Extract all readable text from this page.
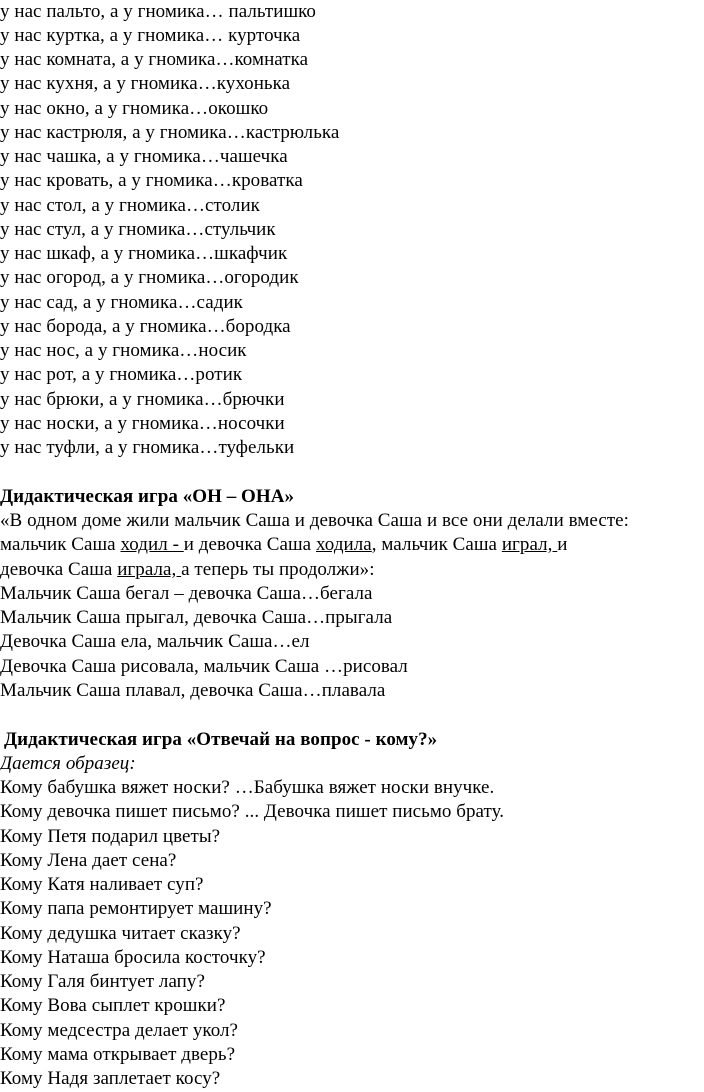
у нас пальто, а у гномика… пальтишко
у нас куртка, а у гномика… курточка
у нас комната, а у гномика…комнатка
у нас кухня, а у гномика…кухонька
у нас окно, а у гномика…окошко
у нас кастрюля, а у гномика…кастрюлька
у нас чашка, а у гномика…чашечка
у нас кровать, а у гномика…кроватка
у нас стол, а у гномика…столик
у нас стул, а у гномика…стульчик
у нас шкаф, а у гномика…шкафчик
у нас огород, а у гномика…огородик
у нас сад, а у гномика…садик
у нас борода, а у гномика…бородка
у нас нос, а у гномика…носик
у нас рот, а у гномика…ротик
у нас брюки, а у гномика…брючки
у нас носки, а у гномика…носочки
у нас туфли, а у гномика…туфельки
Дидактическая игра «ОН – ОНА»
«В одном доме жили мальчик Саша и девочка Саша и все они делали вместе:
мальчик Саша ходил - и девочка Саша ходила, мальчик Саша играл, и
девочка Саша играла, а теперь ты продолжи»:
Мальчик Саша бегал – девочка Саша…бегала
Мальчик Саша прыгал, девочка Саша…прыгала
Девочка Саша ела, мальчик Саша…ел
Девочка Саша рисовала, мальчик Саша …рисовал
Мальчик Саша плавал, девочка Саша…плавала
Дидактическая игра «Отвечай на вопрос - кому?»
Дается образец:
Кому бабушка вяжет носки? …Бабушка вяжет носки внучке.
Кому девочка пишет письмо? ... Девочка пишет письмо брату.
Кому Петя подарил цветы?
Кому Лена дает сена?
Кому Катя наливает суп?
Кому папа ремонтирует машину?
Кому дедушка читает сказку?
Кому Наташа бросила косточку?
Кому Галя бинтует лапу?
Кому Вова сыплет крошки?
Кому медсестра делает укол?
Кому мама открывает дверь?
Кому Надя заплетает косу?
